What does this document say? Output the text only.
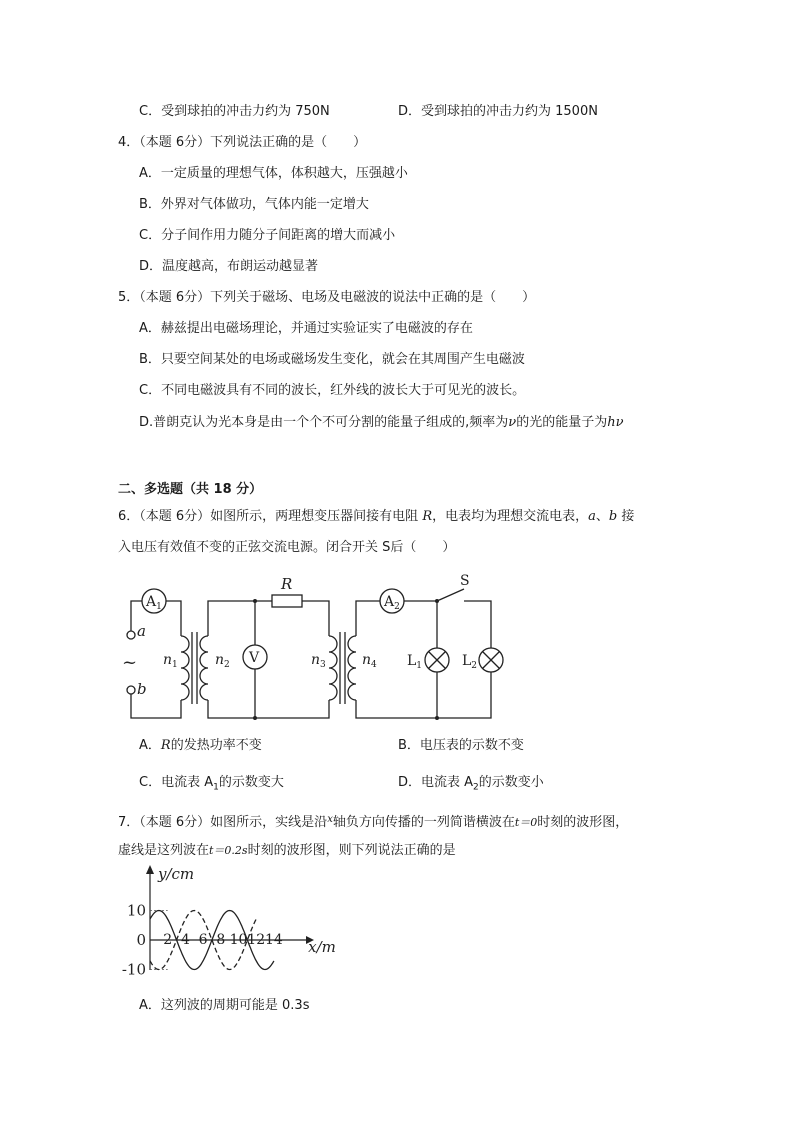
C．受到球拍的冲击力约为 750N	D．受到球拍的冲击力约为 1500N
4．（本题 6分）下列说法正确的是（　　）
A．一定质量的理想气体，体积越大，压强越小
B．外界对气体做功，气体内能一定增大
C．分子间作用力随分子间距离的增大而减小
D．温度越高，布朗运动越显著
5．（本题 6分）下列关于磁场、电场及电磁波的说法中正确的是（　　）
A．赫兹提出电磁场理论，并通过实验证实了电磁波的存在
B．只要空间某处的电场或磁场发生变化，就会在其周围产生电磁波
C．不同电磁波具有不同的波长，红外线的波长大于可见光的波长。
D.普朗克认为光本身是由一个个不可分割的能量子组成的,频率为ν的光的能量子为hν
二、多选题（共 18 分）
6．（本题 6分）如图所示，两理想变压器间接有电阻 R，电表均为理想交流电表，a、b 接
入电压有效值不变的正弦交流电源。闭合开关 S后（　　）
$A_1$
V
$A_2$
R	S
a
b
~ $n_1$	$n_2$	$n_3$	$n_4$ $L_1$	$L_2$
A．R的发热功率不变	B．电压表的示数不变
C．电流表 $A_1$的示数变大	D．电流表 $A_2$的示数变小
7．（本题 6分）如图所示，实线是沿$^x$轴负方向传播的一列简谐横波在t＝0时刻的波形图，
虚线是这列波在t＝0.2s时刻的波形图，则下列说法正确的是
2 4 6 8 10 12 14
10
0
-10
x/m
y/cm
A．这列波的周期可能是 0.3s
